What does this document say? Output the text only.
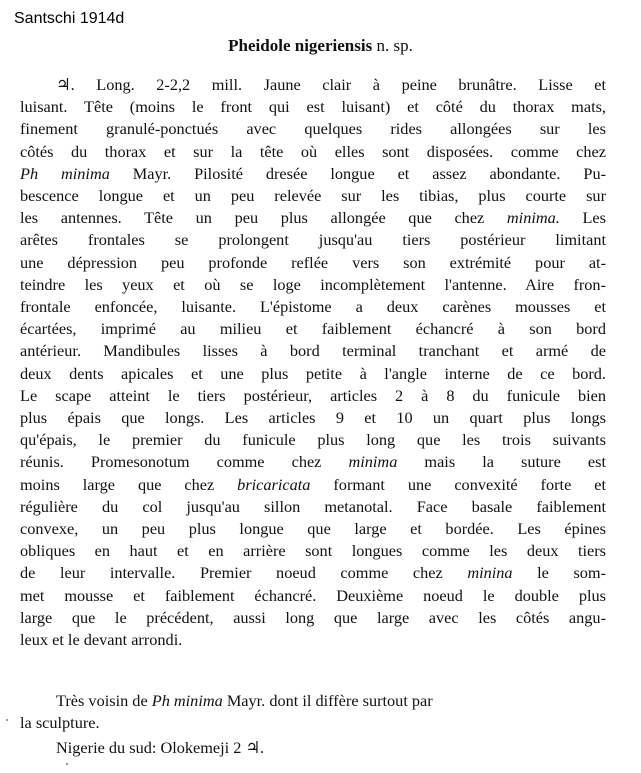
Santschi 1914d
Pheidole nigeriensis n. sp.
♃. Long. 2-2,2 mill. Jaune clair à peine brunâtre. Lisse et
luisant. Tête (moins le front qui est luisant) et côté du thorax mats,
finement granulé-ponctués avec quelques rides allongées sur les
côtés du thorax et sur la tête où elles sont disposées. comme chez
Ph minima Mayr. Pilosité dresée longue et assez abondante. Pu-
bescence longue et un peu relevée sur les tibias, plus courte sur
les antennes. Tête un peu plus allongée que chez minima. Les
arêtes frontales se prolongent jusqu'au tiers postérieur limitant
une dépression peu profonde reflée vers son extrémité pour at-
teindre les yeux et où se loge incomplètement l'antenne. Aire fron-
frontale enfoncée, luisante. L'épistome a deux carènes mousses et
écartées, imprimé au milieu et faiblement échancré à son bord
antérieur. Mandibules lisses à bord terminal tranchant et armé de
deux dents apicales et une plus petite à l'angle interne de ce bord.
Le scape atteint le tiers postérieur, articles 2 à 8 du funicule bien
plus épais que longs. Les articles 9 et 10 un quart plus longs
qu'épais, le premier du funicule plus long que les trois suivants
réunis. Promesonotum comme chez minima mais la suture est
moins large que chez bricaricata formant une convexité forte et
régulière du col jusqu'au sillon metanotal. Face basale faiblement
convexe, un peu plus longue que large et bordée. Les épines
obliques en haut et en arrière sont longues comme les deux tiers
de leur intervalle. Premier noeud comme chez minina le som-
met mousse et faiblement échancré. Deuxième noeud le double plus
large que le précédent, aussi long que large avec les côtés angu-
leux et le devant arrondi.
Très voisin de Ph minima Mayr. dont il diffère surtout par
la sculpture.
Nigerie du sud: Olokemeji 2 ♃.
